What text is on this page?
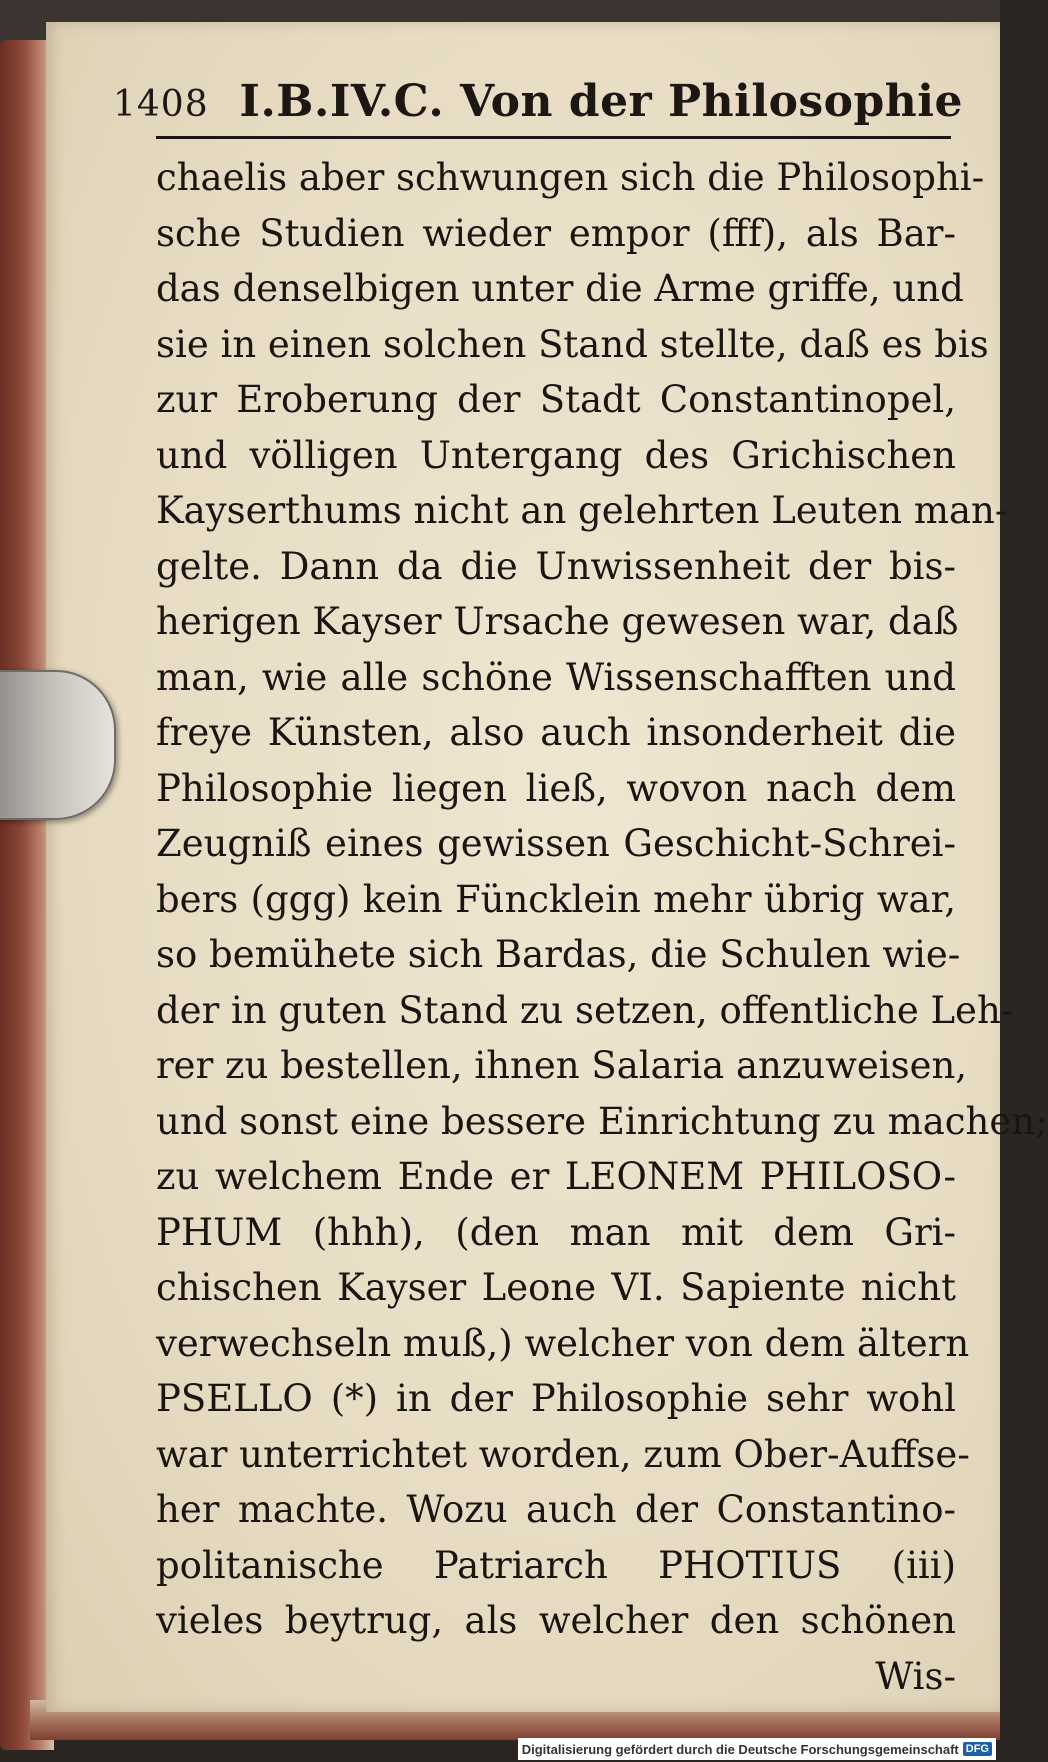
1408 I.B.IV.C. Von der Philosophie
chaelis aber schwungen sich die Philosophi-
sche Studien wieder empor (fff), als Bar-
das denselbigen unter die Arme griffe, und
sie in einen solchen Stand stellte, daß es bis
zur Eroberung der Stadt Constantinopel,
und völligen Untergang des Grichischen
Kayserthums nicht an gelehrten Leuten man-
gelte. Dann da die Unwissenheit der bis-
herigen Kayser Ursache gewesen war, daß
man, wie alle schöne Wissenschafften und
freye Künsten, also auch insonderheit die
Philosophie liegen ließ, wovon nach dem
Zeugniß eines gewissen Geschicht-Schrei-
bers (ggg) kein Füncklein mehr übrig war,
so bemühete sich Bardas, die Schulen wie-
der in guten Stand zu setzen, offentliche Leh-
rer zu bestellen, ihnen Salaria anzuweisen,
und sonst eine bessere Einrichtung zu machen;
zu welchem Ende er LEONEM PHILOSO-
PHUM (hhh), (den man mit dem Gri-
chischen Kayser Leone VI. Sapiente nicht
verwechseln muß,) welcher von dem ältern
PSELLO (*) in der Philosophie sehr wohl
war unterrichtet worden, zum Ober-Auffse-
her machte. Wozu auch der Constantino-
politanische Patriarch PHOTIUS (iii)
vieles beytrug, als welcher den schönen
Wis-
Digitalisierung gefördert durch die Deutsche Forschungsgemeinschaft DFG
